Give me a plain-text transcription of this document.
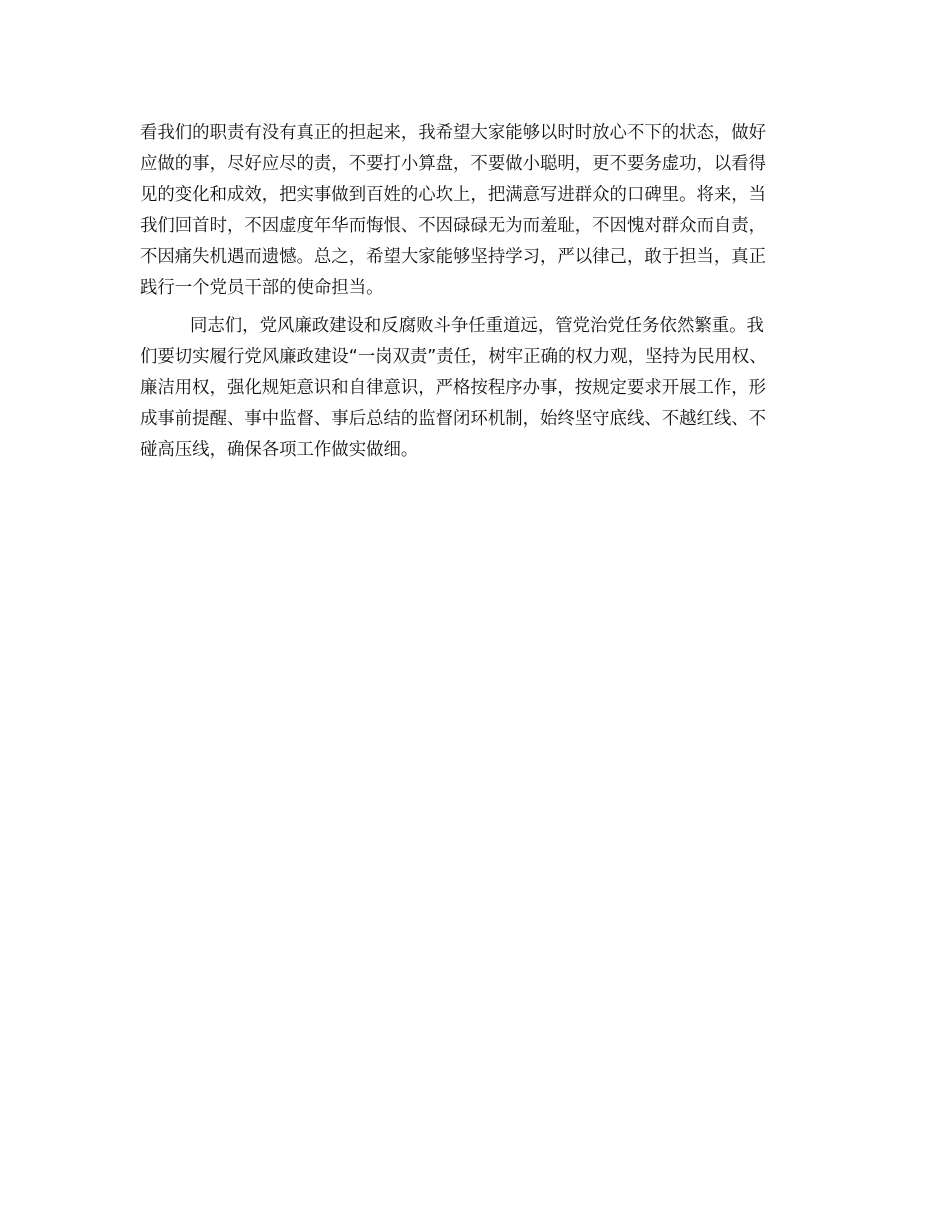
看我们的职责有没有真正的担起来，我希望大家能够以时时放心不下的状态，做好
应做的事，尽好应尽的责，不要打小算盘，不要做小聪明，更不要务虚功，以看得
见的变化和成效，把实事做到百姓的心坎上，把满意写进群众的口碑里。将来，当
我们回首时，不因虚度年华而悔恨、不因碌碌无为而羞耻，不因愧对群众而自责，
不因痛失机遇而遗憾。总之，希望大家能够坚持学习，严以律己，敢于担当，真正
践行一个党员干部的使命担当。
同志们，党风廉政建设和反腐败斗争任重道远，管党治党任务依然繁重。我
们要切实履行党风廉政建设“一岗双责”责任，树牢正确的权力观，坚持为民用权、
廉洁用权，强化规矩意识和自律意识，严格按程序办事，按规定要求开展工作，形
成事前提醒、事中监督、事后总结的监督闭环机制，始终坚守底线、不越红线、不
碰高压线，确保各项工作做实做细。
